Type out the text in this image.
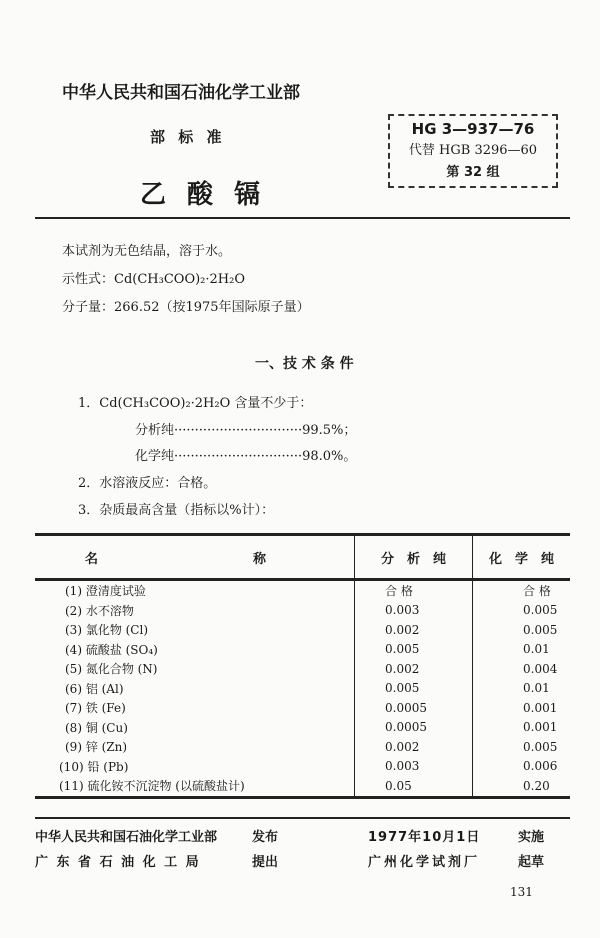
中华人民共和国石油化学工业部
部 标 准
乙 酸 镉
HG 3—937—76
代替 HGB 3296—60
第 32 组
本试剂为无色结晶，溶于水。
示性式：Cd(CH₃COO)₂·2H₂O
分子量：266.52（按1975年国际原子量）
一、技 术 条 件
1．Cd(CH₃COO)₂·2H₂O 含量不少于：
分析纯·······························99.5%；
化学纯·······························98.0%。
2．水溶液反应：合格。
3．杂质最高含量（指标以%计）：
名 称	分　析　纯	化　学　纯
(1) 澄清度试验	合 格	合 格
(2) 水不溶物	0.003	0.005
(3) 氯化物 (Cl)	0.002	0.005
(4) 硫酸盐 (SO₄)	0.005	0.01
(5) 氮化合物 (N)	0.002	0.004
(6) 铝 (Al)	0.005	0.01
(7) 铁 (Fe)	0.0005	0.001
(8) 铜 (Cu)	0.0005	0.001
(9) 锌 (Zn)	0.002	0.005
(10) 铅 (Pb)	0.003	0.006
(11) 硫化铵不沉淀物 (以硫酸盐计)	0.05	0.20
中华人民共和国石油化学工业部	发布	1977年10月1日	实施
广 东 省 石 油 化 工 局	提出	广州化学试剂厂	起草
131
